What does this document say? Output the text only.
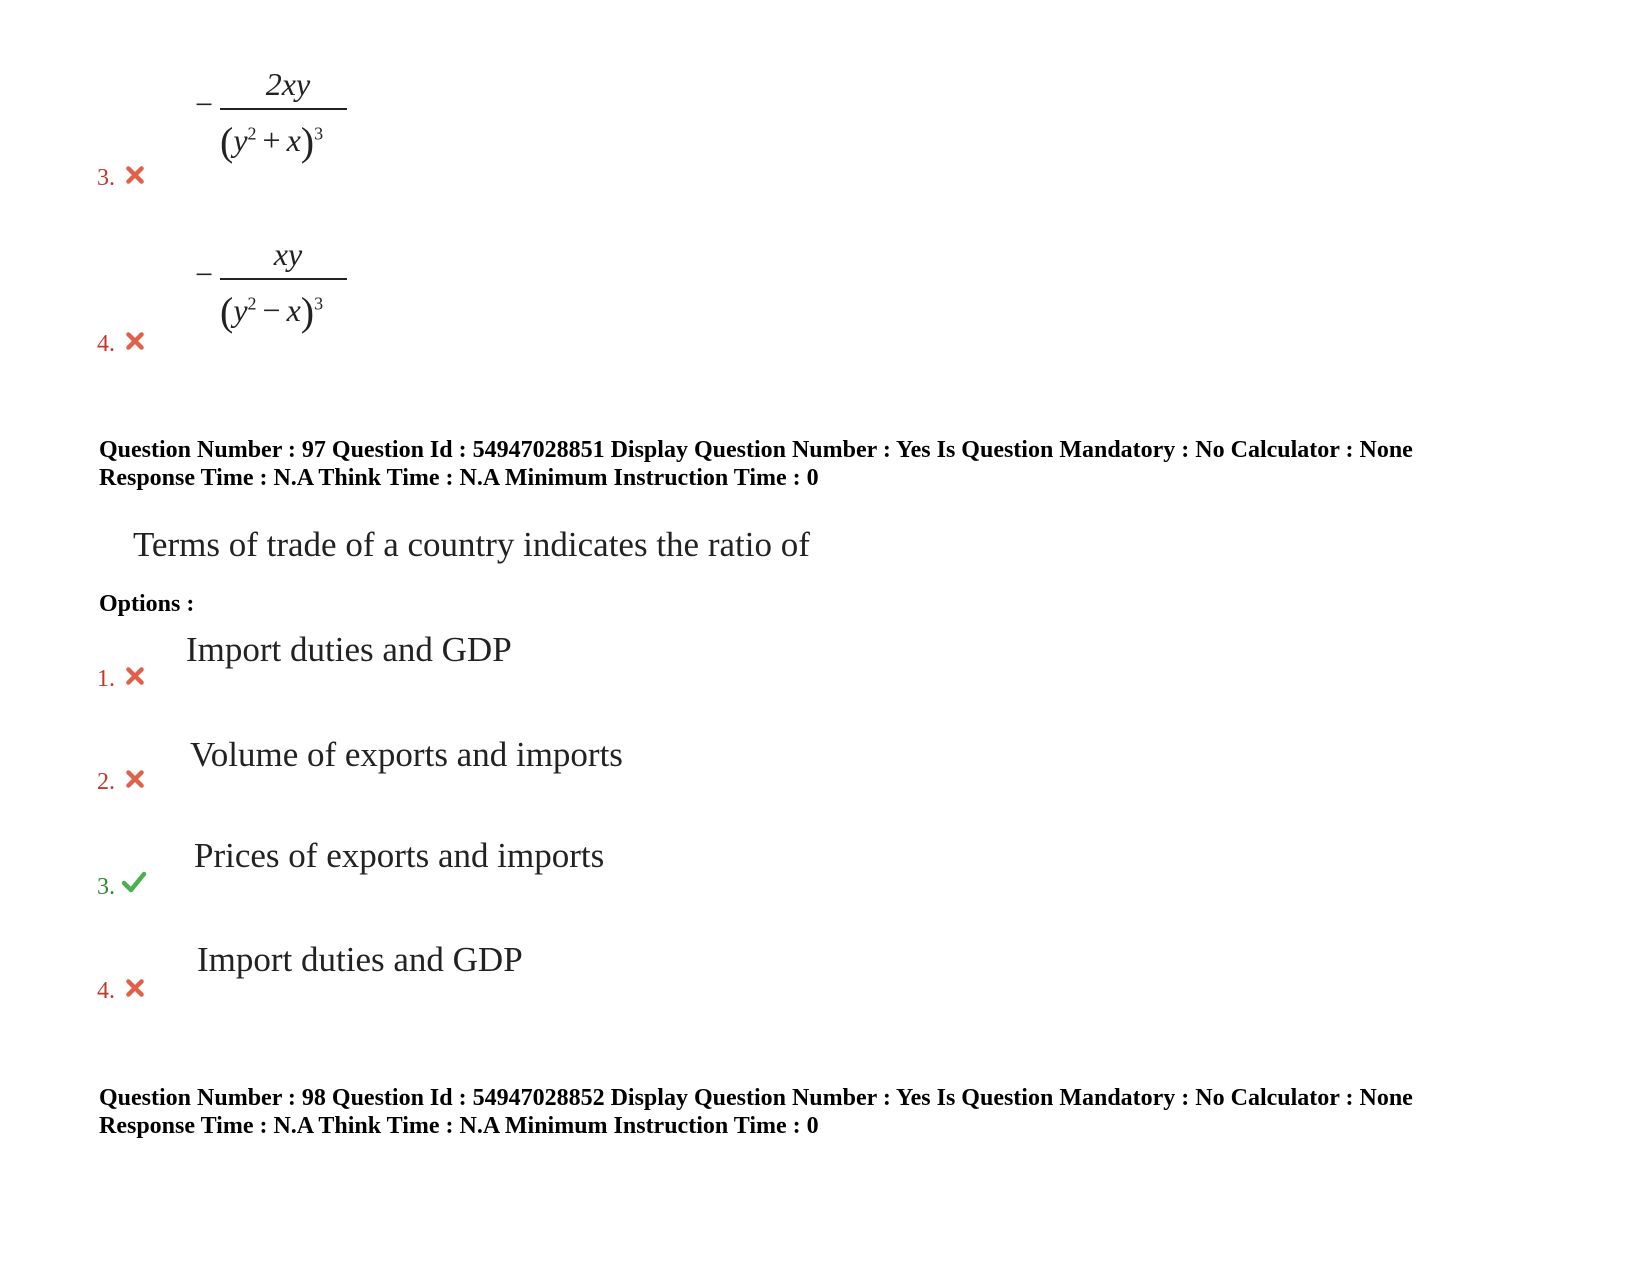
−
2xy
$(y^2 + x)^3$
3.
−
xy
$(y^2 - x)^3$
4.
Question Number : 97 Question Id : 54947028851 Display Question Number : Yes Is Question Mandatory : No Calculator : None
Response Time : N.A Think Time : N.A Minimum Instruction Time : 0
Terms of trade of a country indicates the ratio of
Options :
Import duties and GDP
1.
Volume of exports and imports
2.
Prices of exports and imports
3.
Import duties and GDP
4.
Question Number : 98 Question Id : 54947028852 Display Question Number : Yes Is Question Mandatory : No Calculator : None
Response Time : N.A Think Time : N.A Minimum Instruction Time : 0
